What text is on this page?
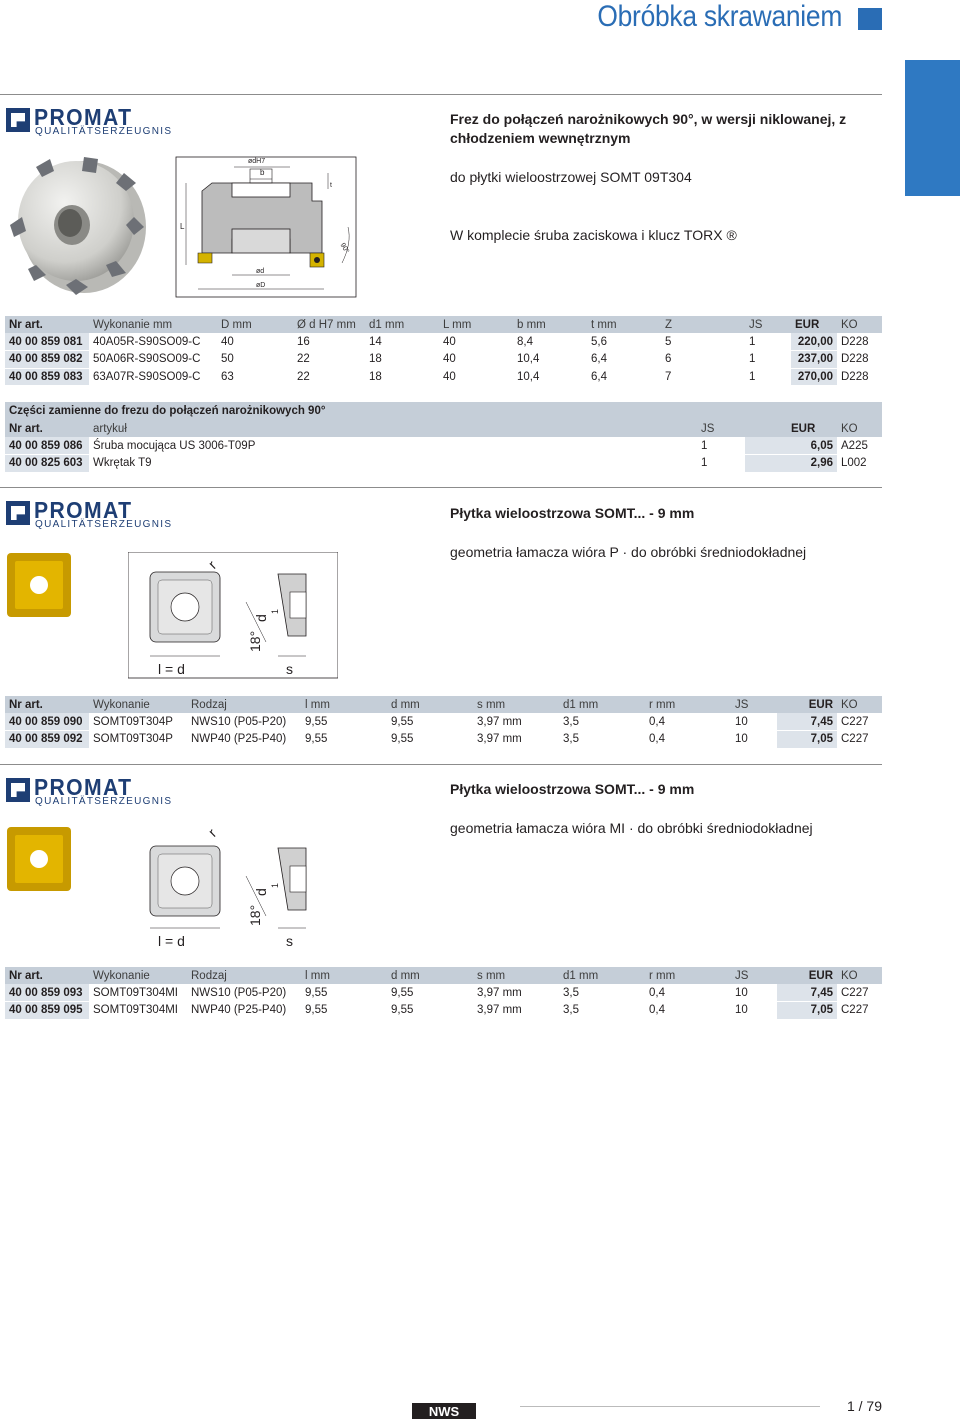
Obróbka skrawaniem
PROMAT
QUALITÄTSERZEUGNIS
Frez do połączeń narożnikowych 90°, w wersji niklowanej, z
chłodzeniem wewnętrznym
do płytki wieloostrzowej SOMT 09T304
W komplecie śruba zaciskowa i klucz TORX ®
ødH7
b
L
t
90°
ød
øD
Nr art.	Wykonanie mm	D mm	Ø d H7 mm	d1 mm	L mm	b mm	t mm	Z	JS	EUR	KO
40 00 859 081	40A05R-S90SO09-C	40	16	14	40	8,4	5,6	5	1	220,00	D228
40 00 859 082	50A06R-S90SO09-C	50	22	18	40	10,4	6,4	6	1	237,00	D228
40 00 859 083	63A07R-S90SO09-C	63	22	18	40	10,4	6,4	7	1	270,00	D228
Części zamienne do frezu do połączeń narożnikowych 90°
Nr art.	artykuł	JS	EUR	KO
40 00 859 086	Śruba mocująca US 3006-T09P	1	6,05	A225
40 00 825 603	Wkrętak T9	1	2,96	L002
PROMAT
QUALITÄTSERZEUGNIS
Płytka wieloostrzowa SOMT... - 9 mm
geometria łamacza wióra P · do obróbki średniodokładnej
r
18°
d
1
l = d	s
Nr art.	Wykonanie	Rodzaj	l mm	d mm	s mm	d1 mm	r mm	JS	EUR	KO
40 00 859 090	SOMT09T304P	NWS10 (P05-P20)	9,55	9,55	3,97 mm	3,5	0,4	10	7,45	C227
40 00 859 092	SOMT09T304P	NWP40 (P25-P40)	9,55	9,55	3,97 mm	3,5	0,4	10	7,05	C227
PROMAT
QUALITÄTSERZEUGNIS
Płytka wieloostrzowa SOMT... - 9 mm
geometria łamacza wióra MI · do obróbki średniodokładnej
r
18°
d
1
l = d	s
Nr art.	Wykonanie	Rodzaj	l mm	d mm	s mm	d1 mm	r mm	JS	EUR	KO
40 00 859 093	SOMT09T304MI	NWS10 (P05-P20)	9,55	9,55	3,97 mm	3,5	0,4	10	7,45	C227
40 00 859 095	SOMT09T304MI	NWP40 (P25-P40)	9,55	9,55	3,97 mm	3,5	0,4	10	7,05	C227
NWS	1 / 79
